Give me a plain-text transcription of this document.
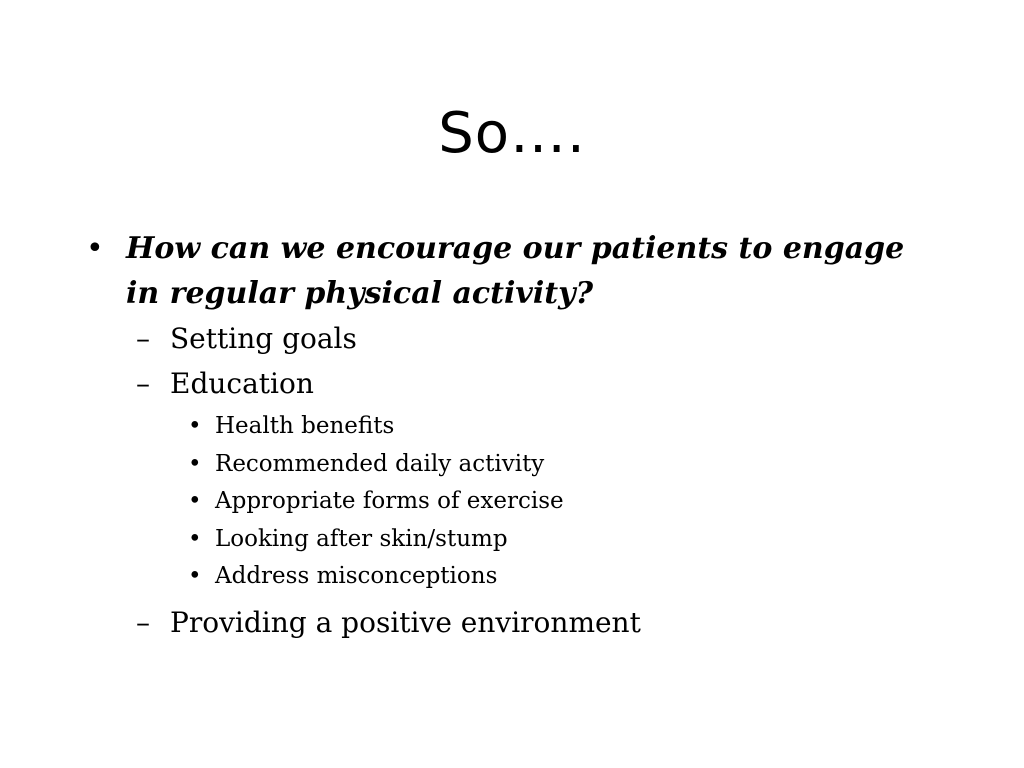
So….
• How can we encourage our patients to engage in regular physical activity?
– Setting goals
– Education
• Health benefits
• Recommended daily activity
• Appropriate forms of exercise
• Looking after skin/stump
• Address misconceptions
– Providing a positive environment
